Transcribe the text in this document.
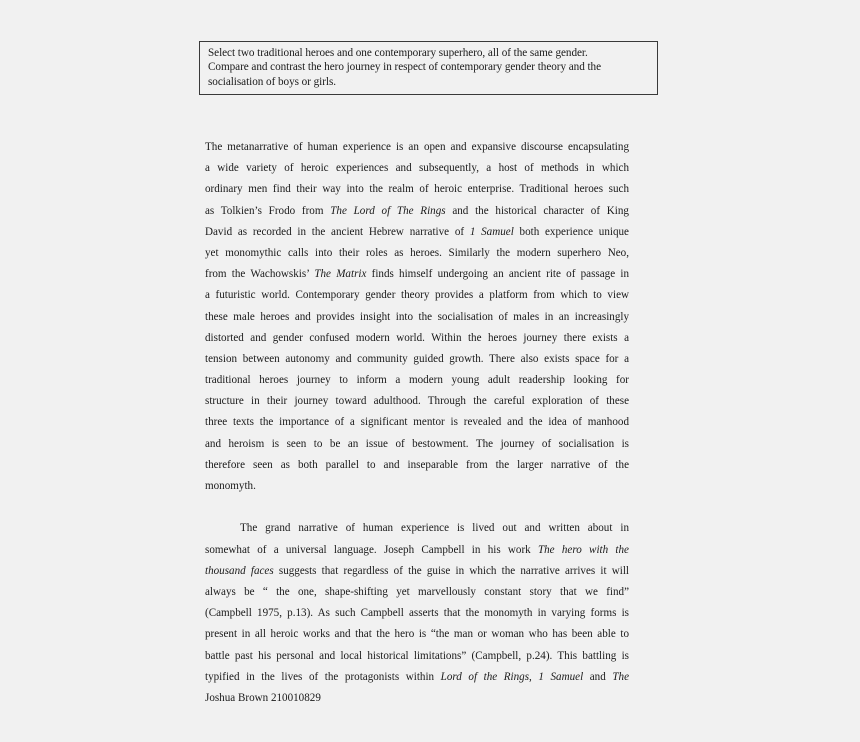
Select two traditional heroes and one contemporary superhero, all of the same gender.
Compare and contrast the hero journey in respect of contemporary gender theory and the
socialisation of boys or girls.
The metanarrative of human experience is an open and expansive discourse encapsulating
a wide variety of heroic experiences and subsequently, a host of methods in which
ordinary men find their way into the realm of heroic enterprise. Traditional heroes such
as Tolkien’s Frodo from The Lord of The Rings and the historical character of King
David as recorded in the ancient Hebrew narrative of 1 Samuel both experience unique
yet monomythic calls into their roles as heroes. Similarly the modern superhero Neo,
from the Wachowskis’ The Matrix finds himself undergoing an ancient rite of passage in
a futuristic world. Contemporary gender theory provides a platform from which to view
these male heroes and provides insight into the socialisation of males in an increasingly
distorted and gender confused modern world. Within the heroes journey there exists a
tension between autonomy and community guided growth. There also exists space for a
traditional heroes journey to inform a modern young adult readership looking for
structure in their journey toward adulthood. Through the careful exploration of these
three texts the importance of a significant mentor is revealed and the idea of manhood
and heroism is seen to be an issue of bestowment. The journey of socialisation is
therefore seen as both parallel to and inseparable from the larger narrative of the
monomyth.
The grand narrative of human experience is lived out and written about in
somewhat of a universal language. Joseph Campbell in his work The hero with the
thousand faces suggests that regardless of the guise in which the narrative arrives it will
always be “ the one, shape-shifting yet marvellously constant story that we find”
(Campbell 1975, p.13). As such Campbell asserts that the monomyth in varying forms is
present in all heroic works and that the hero is “the man or woman who has been able to
battle past his personal and local historical limitations” (Campbell, p.24). This battling is
typified in the lives of the protagonists within Lord of the Rings, 1 Samuel and The
Joshua Brown 210010829
